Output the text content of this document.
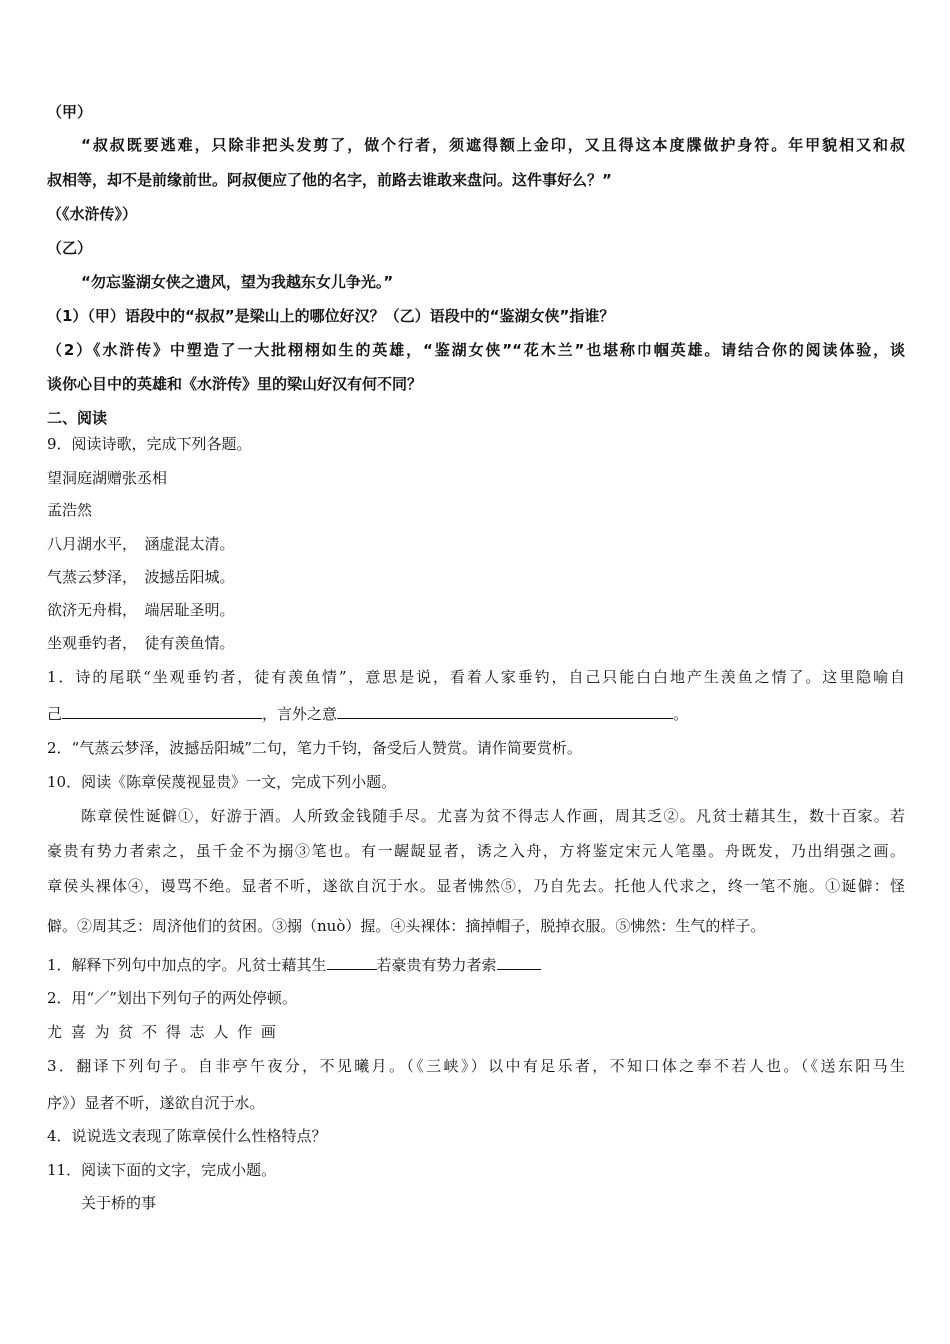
（甲）
“叔叔既要逃难，只除非把头发剪了，做个行者，须遮得额上金印，又且得这本度牒做护身符。年甲貌相又和叔
叔相等，却不是前缘前世。阿叔便应了他的名字，前路去谁敢来盘问。这件事好么？”
（《水浒传》）
（乙）
“勿忘鉴湖女侠之遗风，望为我越东女儿争光。”
（1）（甲）语段中的“叔叔”是梁山上的哪位好汉？（乙）语段中的“鉴湖女侠”指谁？
（2）《水浒传》中塑造了一大批栩栩如生的英雄，“鉴湖女侠”“花木兰”也堪称巾帼英雄。请结合你的阅读体验，谈
谈你心目中的英雄和《水浒传》里的梁山好汉有何不同？
二、阅读
9．阅读诗歌，完成下列各题。
望洞庭湖赠张丞相
孟浩然
八月湖水平，　涵虚混太清。
气蒸云梦泽，　波撼岳阳城。
欲济无舟楫，　端居耻圣明。
坐观垂钓者，　徒有羡鱼情。
1．诗的尾联“坐观垂钓者，徒有羡鱼情”，意思是说，看着人家垂钓，自己只能白白地产生羡鱼之情了。这里隐喻自
己	，言外之意	。
2．“气蒸云梦泽，波撼岳阳城”二句，笔力千钧，备受后人赞赏。请作简要赏析。
10．阅读《陈章侯蔑视显贵》一文，完成下列小题。
陈章侯性诞僻①，好游于酒。人所致金钱随手尽。尤喜为贫不得志人作画，周其乏②。凡贫士藉其生，数十百家。若
豪贵有势力者索之，虽千金不为搦③笔也。有一龌龊显者，诱之入舟，方将鉴定宋元人笔墨。舟既发，乃出绢强之画。
章侯头裸体④，谩骂不绝。显者不听，遂欲自沉于水。显者怫然⑤，乃自先去。托他人代求之，终一笔不施。①诞僻：怪
僻。②周其乏：周济他们的贫困。③搦（nuò）握。④头裸体：摘掉帽子，脱掉衣服。⑤怫然：生气的样子。
1．解释下列句中加点的字。凡贫士藉其生	若豪贵有势力者索
2．用“／”划出下列句子的两处停顿。
尤 喜 为 贫 不 得 志 人 作 画
3．翻译下列句子。自非亭午夜分，不见曦月。（《三峡》）以中有足乐者，不知口体之奉不若人也。（《送东阳马生
序》）显者不听，遂欲自沉于水。
4．说说选文表现了陈章侯什么性格特点？
11．阅读下面的文字，完成小题。
关于桥的事
